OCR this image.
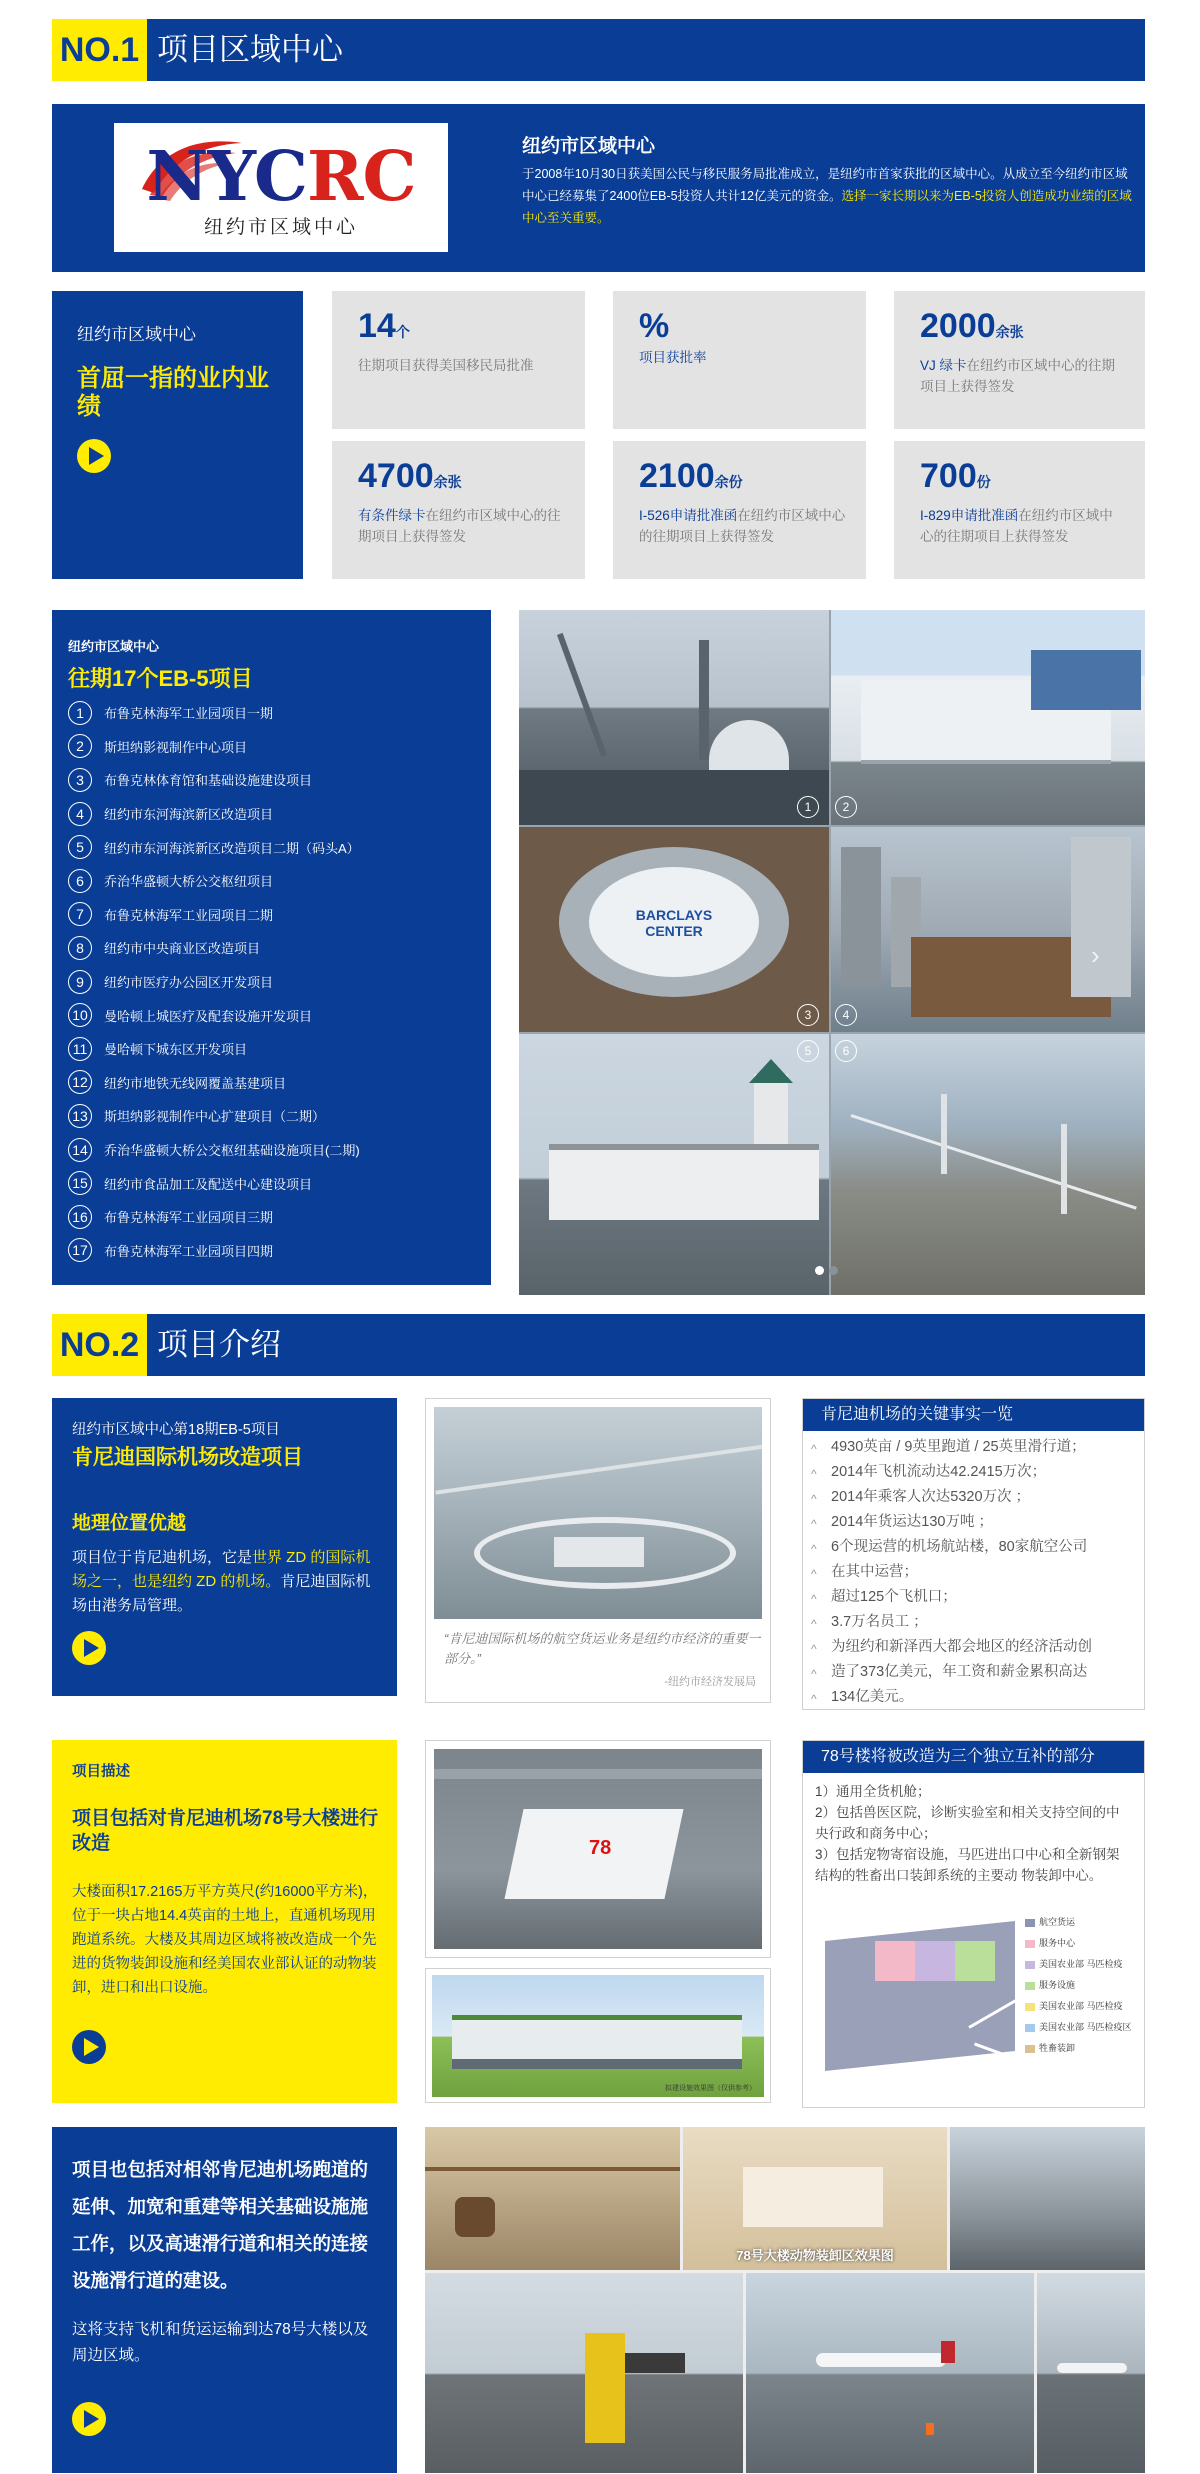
NO.1 项目区域中心
NYCRC
纽约市区域中心
纽约市区域中心
于2008年10月30日获美国公民与移民服务局批准成立，是纽约市首家获批的区域中心。从成立至今纽约市区域中心已经募集了2400位EB-5投资人共计12亿美元的资金。选择一家长期以来为EB-5投资人创造成功业绩的区域中心至关重要。
纽约市区域中心
首屈一指的业内业绩
14个
往期项目获得美国移民局批准
%
项目获批率
2000余张
VJ 绿卡在纽约市区域中心的往期项目上获得签发
4700余张
有条件绿卡在纽约市区域中心的往期项目上获得签发
2100余份
I-526申请批准函在纽约市区域中心的往期项目上获得签发
700份
I-829申请批准函在纽约市区域中心的往期项目上获得签发
纽约市区域中心
往期17个EB-5项目
1	布鲁克林海军工业园项目一期
2	斯坦纳影视制作中心项目
3	布鲁克林体育馆和基础设施建设项目
4	纽约市东河海滨新区改造项目
5	纽约市东河海滨新区改造项目二期（码头A）
6	乔治华盛顿大桥公交枢纽项目
7	布鲁克林海军工业园项目二期
8	纽约市中央商业区改造项目
9	纽约市医疗办公园区开发项目
10	曼哈顿上城医疗及配套设施开发项目
11	曼哈顿下城东区开发项目
12	纽约市地铁无线网覆盖基建项目
13	斯坦纳影视制作中心扩建项目（二期）
14	乔治华盛顿大桥公交枢纽基础设施项目(二期)
15	纽约市食品加工及配送中心建设项目
16	布鲁克林海军工业园项目三期
17	布鲁克林海军工业园项目四期
BARCLAYS CENTER
1	2
3	4
5	6
›
NO.2 项目介绍
纽约市区域中心第18期EB-5项目
肯尼迪国际机场改造项目
地理位置优越
项目位于肯尼迪机场，它是世界 ZD 的国际机场之一，也是纽约 ZD 的机场。肯尼迪国际机场由港务局管理。
“肯尼迪国际机场的航空货运业务是纽约市经济的重要一部分。”
-纽约市经济发展局
肯尼迪机场的关键事实一览
^ 4930英亩 / 9英里跑道 / 25英里滑行道；
^ 2014年飞机流动达42.2415万次；
^ 2014年乘客人次达5320万次 ；
^ 2014年货运达130万吨 ；
^ 6个现运营的机场航站楼，80家航空公司
^ 在其中运营；
^ 超过125个飞机口；
^ 3.7万名员工 ；
^ 为纽约和新泽西大都会地区的经济活动创
^ 造了373亿美元，年工资和薪金累积高达
^ 134亿美元。
项目描述
项目包括对肯尼迪机场78号大楼进行改造
大楼面积17.2165万平方英尺(约16000平方米)，位于一块占地14.4英亩的土地上，直通机场现用跑道系统。大楼及其周边区域将被改造成一个先进的货物装卸设施和经美国农业部认证的动物装卸，进口和出口设施。
78
拟建设施效果图（仅供参考）
78号楼将被改造为三个独立互补的部分
1）通用全货机舱；
2）包括兽医区院，诊断实验室和相关支持空间的中央行政和商务中心；
3）包括宠物寄宿设施，马匹进出口中心和全新钢架结构的牲畜出口装卸系统的主要动 物装卸中心。
航空货运
服务中心
美国农业部 马匹检疫
服务设施
美国农业部 马匹检疫
美国农业部 马匹检疫区
牲畜装卸
项目也包括对相邻肯尼迪机场跑道的延伸、加宽和重建等相关基础设施施工作，以及高速滑行道和相关的连接设施滑行道的建设。
这将支持飞机和货运运输到达78号大楼以及周边区域。
78号大楼动物装卸区效果图
